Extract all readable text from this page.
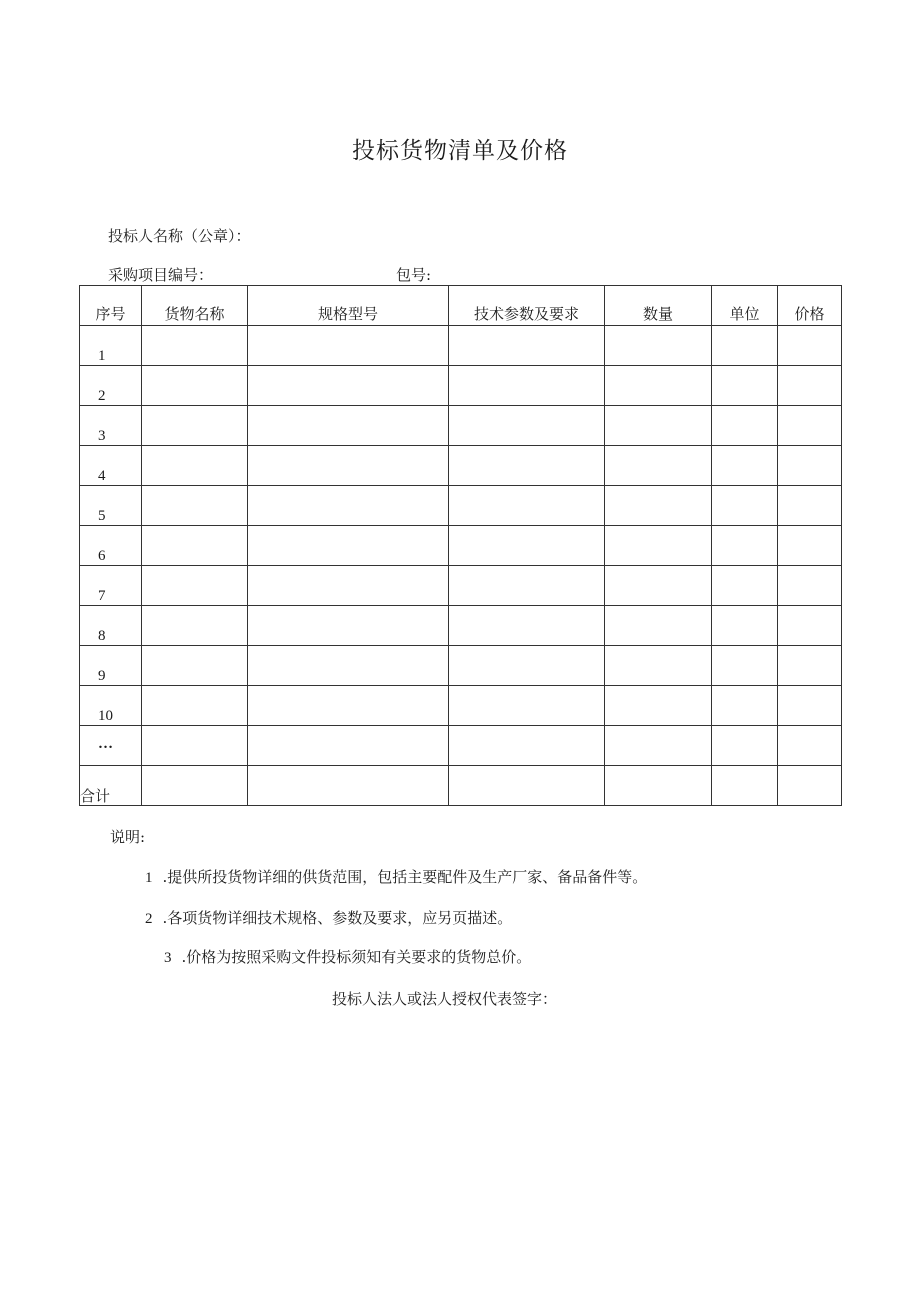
投标货物清单及价格
投标人名称（公章）：
采购项目编号：	包号:
序号	货物名称	规格型号	技术参数及要求	数量	单位	价格
1						
2						
3						
4						
5						
6						
7						
8						
9						
10						
…						
合计						
说明:
1 .提供所投货物详细的供货范围，包括主要配件及生产厂家、备品备件等。
2 .各项货物详细技术规格、参数及要求，应另页描述。
3 .价格为按照采购文件投标须知有关要求的货物总价。
投标人法人或法人授权代表签字：
